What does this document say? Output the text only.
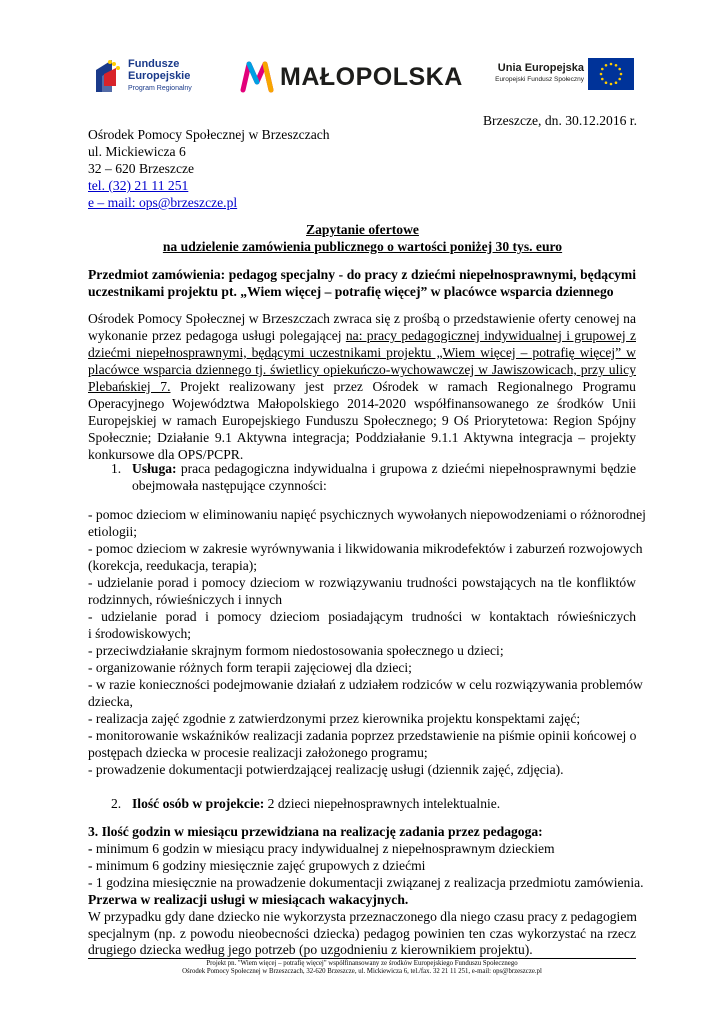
Fundusze
Europejskie
Program Regionalny	MAŁOPOLSKA	Unia Europejska
Europejski Fundusz Społeczny
Brzeszcze, dn. 30.12.2016 r.
Ośrodek Pomocy Społecznej w Brzeszczach
ul. Mickiewicza 6
32 – 620 Brzeszcze
tel. (32) 21 11 251
e – mail: ops@brzeszcze.pl
Zapytanie ofertowe
na udzielenie zamówienia publicznego o wartości poniżej 30 tys. euro
Przedmiot zamówienia: pedagog specjalny - do pracy z dziećmi niepełnosprawnymi, będącymi
uczestnikami projektu pt. „Wiem więcej – potrafię więcej” w placówce wsparcia dziennego
Ośrodek Pomocy Społecznej w Brzeszczach zwraca się z prośbą o przedstawienie oferty cenowej na
wykonanie przez pedagoga usługi polegającej na: pracy pedagogicznej indywidualnej i grupowej z
dziećmi niepełnosprawnymi, będącymi uczestnikami projektu „Wiem więcej – potrafię więcej” w
placówce wsparcia dziennego tj. świetlicy opiekuńczo-wychowawczej w Jawiszowicach, przy ulicy
Plebańskiej 7. Projekt realizowany jest przez Ośrodek w ramach Regionalnego Programu
Operacyjnego Województwa Małopolskiego 2014-2020 współfinansowanego ze środków Unii
Europejskiej w ramach Europejskiego Funduszu Społecznego; 9 Oś Priorytetowa: Region Spójny
Społecznie; Działanie 9.1 Aktywna integracja; Poddziałanie 9.1.1 Aktywna integracja – projekty
konkursowe dla OPS/PCPR.
1. Usługa: praca pedagogiczna indywidualna i grupowa z dziećmi niepełnosprawnymi będzie
obejmowała następujące czynności:
- pomoc dzieciom w eliminowaniu napięć psychicznych wywołanych niepowodzeniami o różnorodnej
etiologii;
- pomoc dzieciom w zakresie wyrównywania i likwidowania mikrodefektów i zaburzeń rozwojowych
(korekcja, reedukacja, terapia);
- udzielanie porad i pomocy dzieciom w rozwiązywaniu trudności powstających na tle konfliktów
rodzinnych, rówieśniczych i innych
- udzielanie porad i pomocy dzieciom posiadającym trudności w kontaktach rówieśniczych
i środowiskowych;
- przeciwdziałanie skrajnym formom niedostosowania społecznego u dzieci;
- organizowanie różnych form terapii zajęciowej dla dzieci;
- w razie konieczności podejmowanie działań z udziałem rodziców w celu rozwiązywania problemów
dziecka,
- realizacja zajęć zgodnie z zatwierdzonymi przez kierownika projektu konspektami zajęć;
- monitorowanie wskaźników realizacji zadania poprzez przedstawienie na piśmie opinii końcowej o
postępach dziecka w procesie realizacji założonego programu;
- prowadzenie dokumentacji potwierdzającej realizację usługi (dziennik zajęć, zdjęcia).
2. Ilość osób w projekcie: 2 dzieci niepełnosprawnych intelektualnie.
3. Ilość godzin w miesiącu przewidziana na realizację zadania przez pedagoga:
- minimum 6 godzin w miesiącu pracy indywidualnej z niepełnosprawnym dzieckiem
- minimum 6 godziny miesięcznie zajęć grupowych z dziećmi
- 1 godzina miesięcznie na prowadzenie dokumentacji związanej z realizacja przedmiotu zamówienia.
Przerwa w realizacji usługi w miesiącach wakacyjnych.
W przypadku gdy dane dziecko nie wykorzysta przeznaczonego dla niego czasu pracy z pedagogiem
specjalnym (np. z powodu nieobecności dziecka) pedagog powinien ten czas wykorzystać na rzecz
drugiego dziecka według jego potrzeb (po uzgodnieniu z kierownikiem projektu).
Projekt pn. "Wiem więcej – potrafię więcej" współfinansowany ze środków Europejskiego Funduszu Społecznego
Ośrodek Pomocy Społecznej w Brzeszczach, 32-620 Brzeszcze, ul. Mickiewicza 6, tel./fax. 32 21 11 251, e-mail: ops@brzeszcze.pl
